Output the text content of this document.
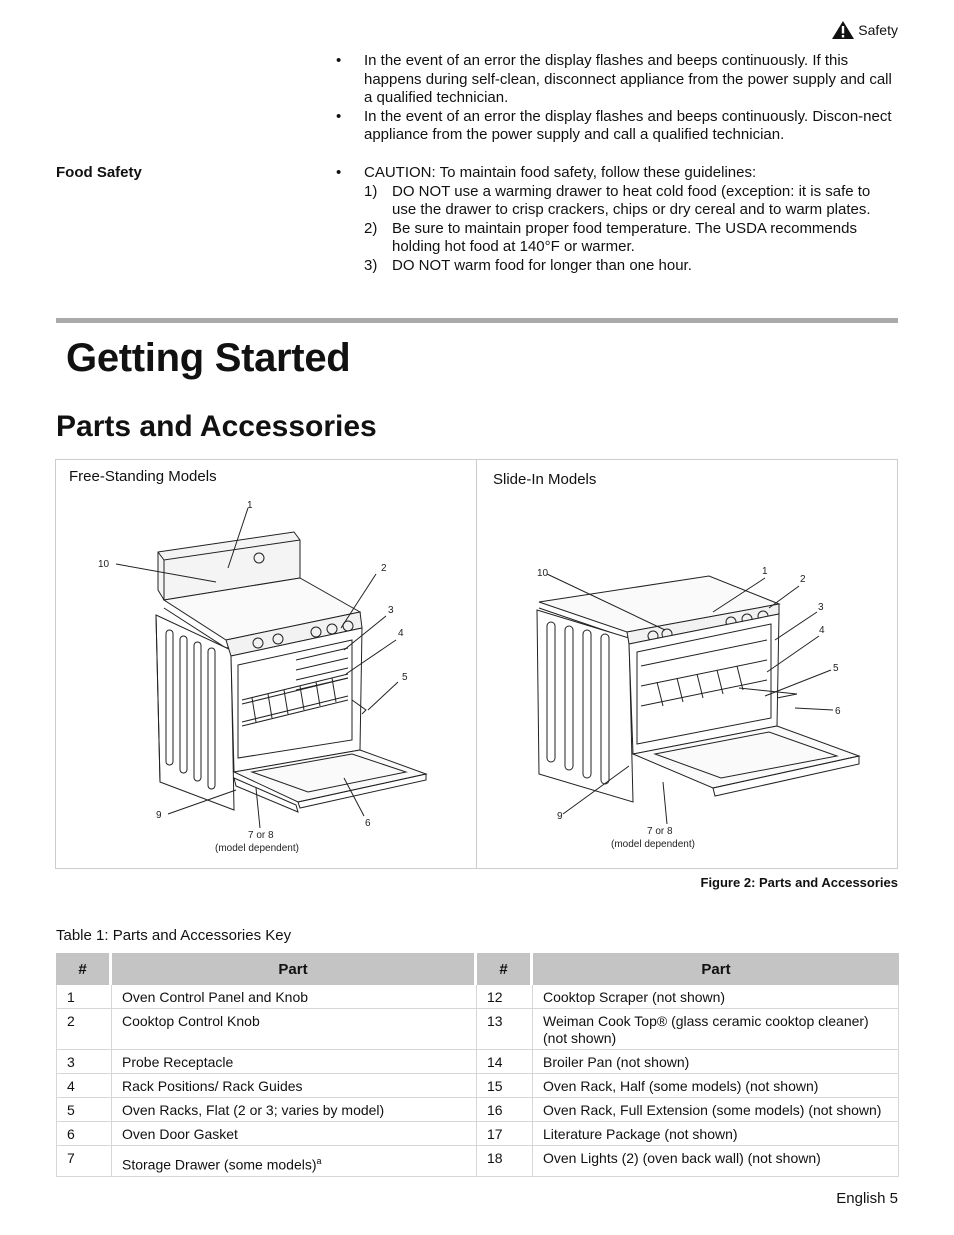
Safety

• In the event of an error the display flashes and beeps continuously. If this happens during self-clean, disconnect appliance from the power supply and call a qualified technician.

• In the event of an error the display flashes and beeps continuously. Discon-nect appliance from the power supply and call a qualified technician.

Food Safety	• CAUTION: To maintain food safety, follow these guidelines:

1) DO NOT use a warming drawer to heat cold food (exception: it is safe to use the drawer to crisp crackers, chips or dry cereal and to warm plates.
2) Be sure to maintain proper food temperature. The USDA recommends holding hot food at 140°F or warmer.
3) DO NOT warm food for longer than one hour.
Getting Started
Parts and Accessories
Free-Standing Models	Slide-In Models
1
2
3
4
5
6
7 or 8
(model dependent)
9
10
1
2
3
4
5
6
7 or 8
(model dependent)
9
10
Figure 2: Parts and Accessories
Table 1: Parts and Accessories Key
#	Part	#	Part
1	Oven Control Panel and Knob	12	Cooktop Scraper (not shown)
2	Cooktop Control Knob	13	Weiman Cook Top® (glass ceramic cooktop cleaner) (not shown)
3	Probe Receptacle	14	Broiler Pan (not shown)
4	Rack Positions/ Rack Guides	15	Oven Rack, Half (some models) (not shown)
5	Oven Racks, Flat (2 or 3; varies by model)	16	Oven Rack, Full Extension (some models) (not shown)
6	Oven Door Gasket	17	Literature Package (not shown)
7	Storage Drawer (some models)$^a$	18	Oven Lights (2) (oven back wall) (not shown)
English 5
